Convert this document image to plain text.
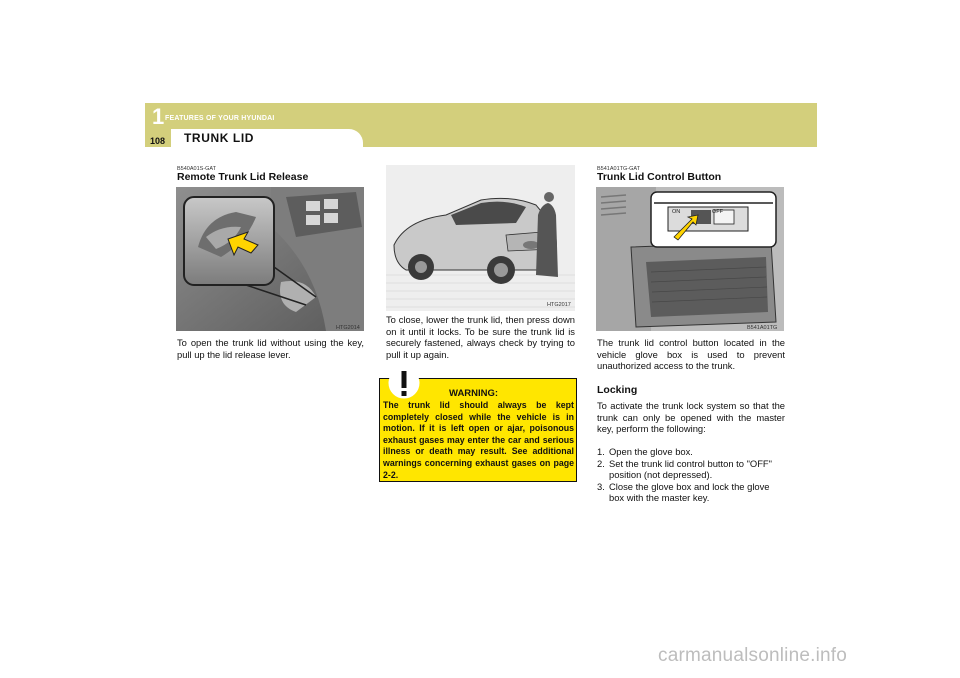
1 FEATURES OF YOUR HYUNDAI
108 TRUNK LID
B540A01S-GAT
Remote Trunk Lid Release
HTG2014
To open the trunk lid without using the key, pull up the lid release lever.
HTG2017
To close, lower the trunk lid, then press down on it until it locks. To be sure the trunk lid is securely fastened, always check by trying to pull it up again.
WARNING:
The trunk lid should always be kept completely closed while the vehicle is in motion. If it is left open or ajar, poisonous exhaust gases may enter the car and serious illness or death may result. See additional warnings concerning exhaust gases on page 2-2.
B541A01TG-GAT
Trunk Lid Control Button
ON	OFF
B541A01TG
The trunk lid control button located in the vehicle glove box is used to prevent unauthorized access to the trunk.
Locking
To activate the trunk lock system so that the trunk can only be opened with the master key, perform the following:
1. Open the glove box.
2. Set the trunk lid control button to "OFF" position (not depressed).
3. Close the glove box and lock the glove box with the master key.
carmanualsonline.info
